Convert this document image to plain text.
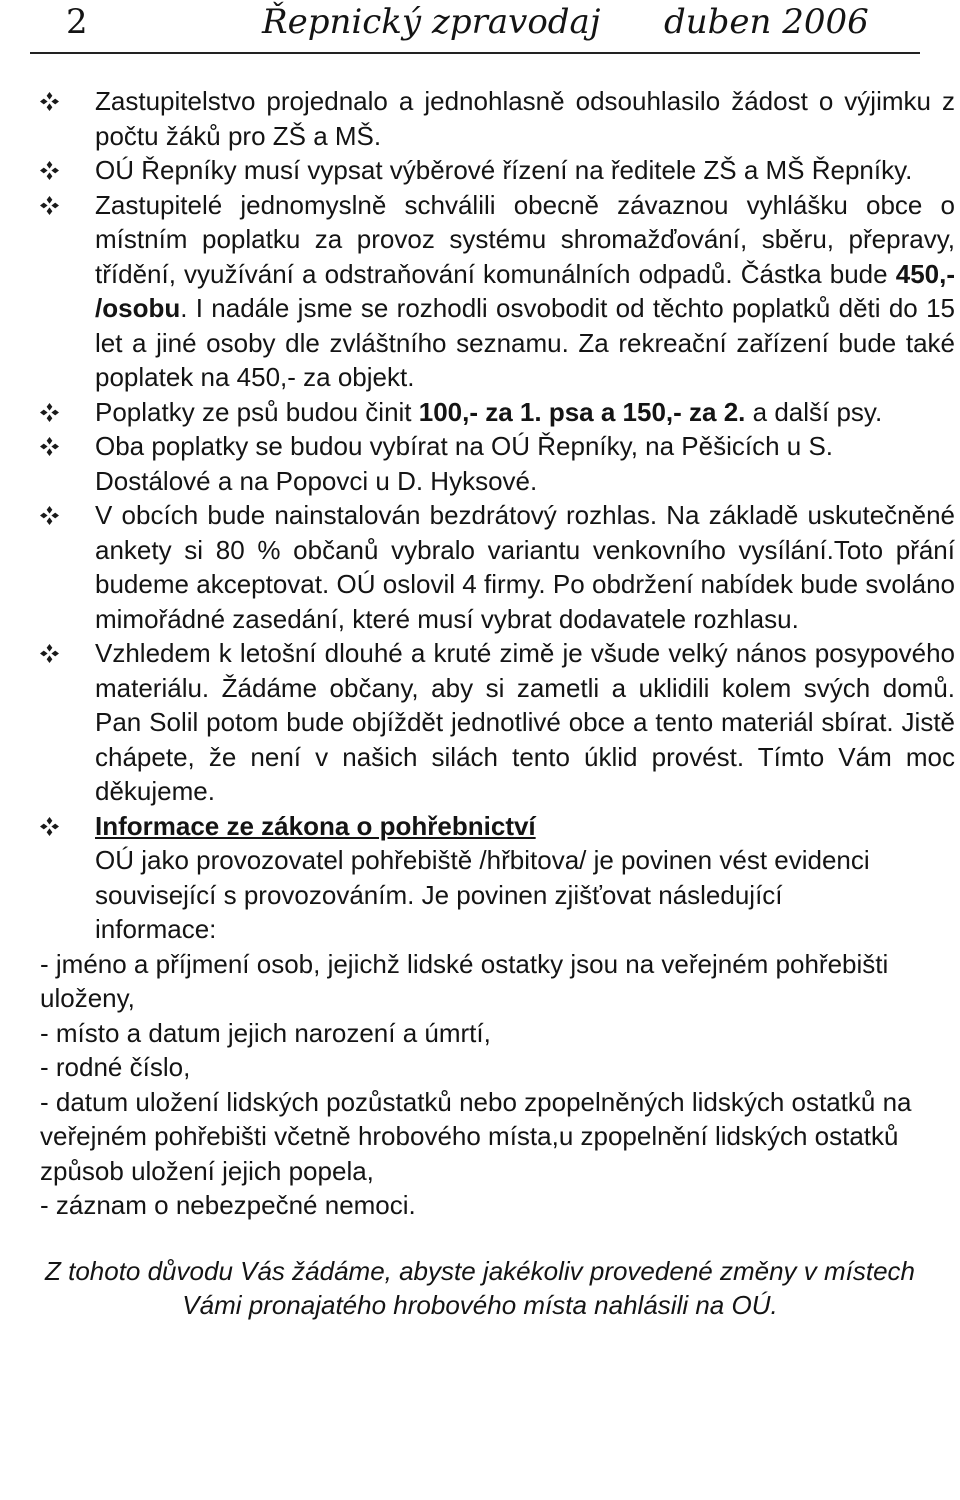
2	Řepnický zpravodaj duben 2006
Zastupitelstvo projednalo a jednohlasně odsouhlasilo žádost o výjimku z počtu žáků pro ZŠ a MŠ.
OÚ Řepníky musí vypsat výběrové řízení na ředitele ZŠ a MŠ Řepníky.
Zastupitelé jednomyslně schválili obecně závaznou vyhlášku obce o místním poplatku za provoz systému shromažďování, sběru, přepravy, třídění, využívání a odstraňování komunálních odpadů. Částka bude 450,- /osobu. I nadále jsme se rozhodli osvobodit od těchto poplatků děti do 15 let a jiné osoby dle zvláštního seznamu. Za rekreační zařízení bude také poplatek na 450,- za objekt.
Poplatky ze psů budou činit 100,- za 1. psa a 150,- za 2. a další psy.
Oba poplatky se budou vybírat na OÚ Řepníky, na Pěšicích u S. Dostálové a na Popovci u D. Hyksové.
V obcích bude nainstalován bezdrátový rozhlas. Na základě uskutečněné ankety si 80 % občanů vybralo variantu venkovního vysílání.Toto přání budeme akceptovat. OÚ oslovil 4 firmy. Po obdržení nabídek bude svoláno mimořádné zasedání, které musí vybrat dodavatele rozhlasu.
Vzhledem k letošní dlouhé a kruté zimě je všude velký nános posypového materiálu. Žádáme občany, aby si zametli a uklidili kolem svých domů. Pan Solil potom bude objíždět jednotlivé obce a tento materiál sbírat. Jistě chápete, že není v našich silách tento úklid provést. Tímto Vám moc děkujeme.
Informace ze zákona o pohřebnictví
OÚ jako provozovatel pohřebiště /hřbitova/ je povinen vést evidenci související s provozováním. Je povinen zjišťovat následující informace:
- jméno a příjmení osob, jejichž lidské ostatky jsou na veřejném pohřebišti uloženy,
- místo a datum jejich narození a úmrtí,
- rodné číslo,
- datum uložení lidských pozůstatků nebo zpopelněných lidských ostatků na veřejném pohřebišti včetně hrobového místa,u zpopelnění lidských ostatků způsob uložení jejich popela,
- záznam o nebezpečné nemoci.
Z tohoto důvodu Vás žádáme, abyste jakékoliv provedené změny v místech Vámi pronajatého hrobového místa nahlásili na OÚ.
